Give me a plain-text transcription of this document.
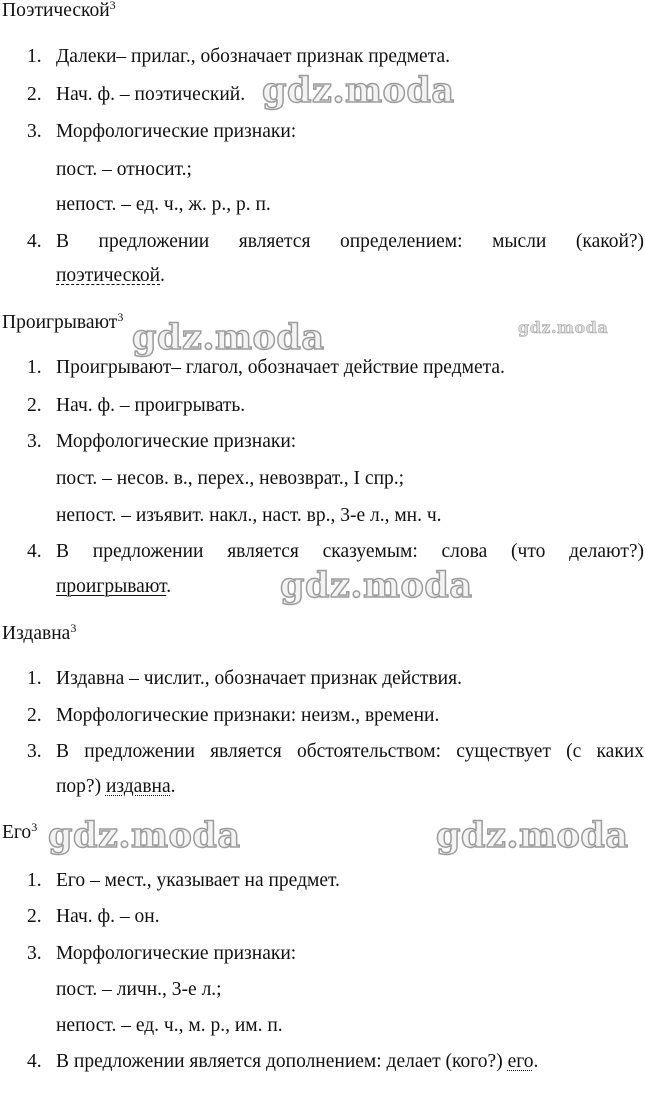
gdz.moda
gdz.moda	gdz.moda
gdz.moda
gdz.moda	gdz.moda
Поэтической$^3$
1. Далеки– прилаг., обозначает признак предмета.
2. Нач. ф. – поэтический.
3. Морфологические признаки:
пост. – относит.;
непост. – ед. ч., ж. р., р. п.
4. В предложении является определением: мысли (какой?)
поэтической.
Проигрывают$^3$
1. Проигрывают– глагол, обозначает действие предмета.
2. Нач. ф. – проигрывать.
3. Морфологические признаки:
пост. – несов. в., перех., невозврат., I спр.;
непост. – изъявит. накл., наст. вр., 3-е л., мн. ч.
4. В предложении является сказуемым: слова (что делают?)
проигрывают.
Издавна$^3$
1. Издавна – числит., обозначает признак действия.
2. Морфологические признаки: неизм., времени.
3. В предложении является обстоятельством: существует (с каких
пор?) издавна.
Его$^3$
1. Его – мест., указывает на предмет.
2. Нач. ф. – он.
3. Морфологические признаки:
пост. – личн., 3-е л.;
непост. – ед. ч., м. р., им. п.
4. В предложении является дополнением: делает (кого?) его.
